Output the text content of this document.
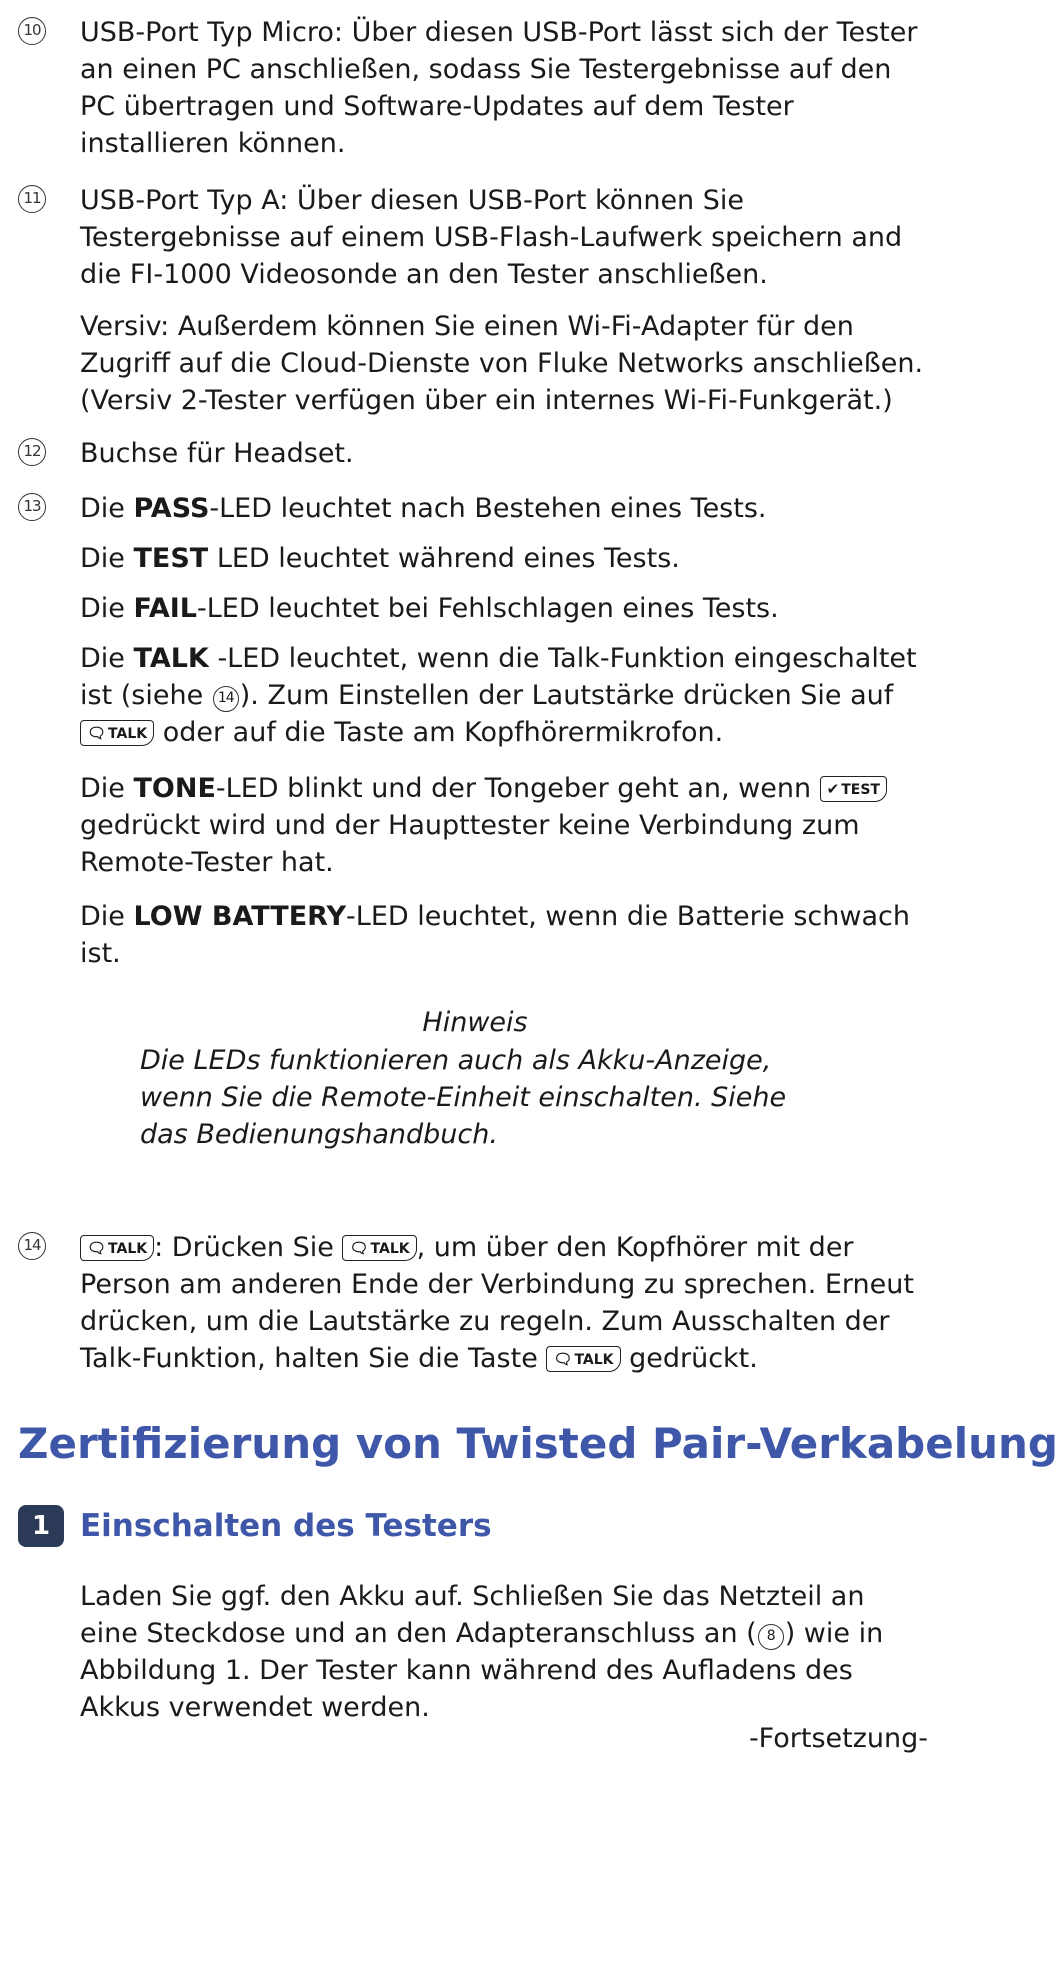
10 USB-Port Typ Micro: Über diesen USB-Port lässt sich der Tester an einen PC anschließen, sodass Sie Testergebnisse auf den PC übertragen und Software-Updates auf dem Tester installieren können.
11 USB-Port Typ A: Über diesen USB-Port können Sie Testergebnisse auf einem USB-Flash-Laufwerk speichern and die FI-1000 Videosonde an den Tester anschließen.
Versiv: Außerdem können Sie einen Wi-Fi-Adapter für den Zugriff auf die Cloud-Dienste von Fluke Networks anschließen. (Versiv 2-Tester verfügen über ein internes Wi-Fi-Funkgerät.)
12 Buchse für Headset.
13 Die PASS-LED leuchtet nach Bestehen eines Tests.
Die TEST LED leuchtet während eines Tests.
Die FAIL-LED leuchtet bei Fehlschlagen eines Tests.
Die TALK -LED leuchtet, wenn die Talk-Funktion eingeschaltet ist (siehe 14 ). Zum Einstellen der Lautstärke drücken Sie auf 🗨︎ TALK oder auf die Taste am Kopfhörermikrofon.
Die TONE-LED blinkt und der Tongeber geht an, wenn ✔ TEST gedrückt wird und der Haupttester keine Verbindung zum Remote-Tester hat.
Die LOW BATTERY-LED leuchtet, wenn die Batterie schwach ist.
Hinweis
Die LEDs funktionieren auch als Akku-Anzeige, wenn Sie die Remote-Einheit einschalten. Siehe das Bedienungshandbuch.
14	🗨︎ TALK : Drücken Sie 🗨︎ TALK , um über den Kopfhörer mit der Person am anderen Ende der Verbindung zu sprechen. Erneut drücken, um die Lautstärke zu regeln. Zum Ausschalten der Talk-Funktion, halten Sie die Taste 🗨︎ TALK gedrückt.
Zertifizierung von Twisted Pair-Verkabelung
1 Einschalten des Testers
Laden Sie ggf. den Akku auf. Schließen Sie das Netzteil an eine Steckdose und an den Adapteranschluss an ( 8 ) wie in Abbildung 1. Der Tester kann während des Aufladens des Akkus verwendet werden.
-Fortsetzung-
